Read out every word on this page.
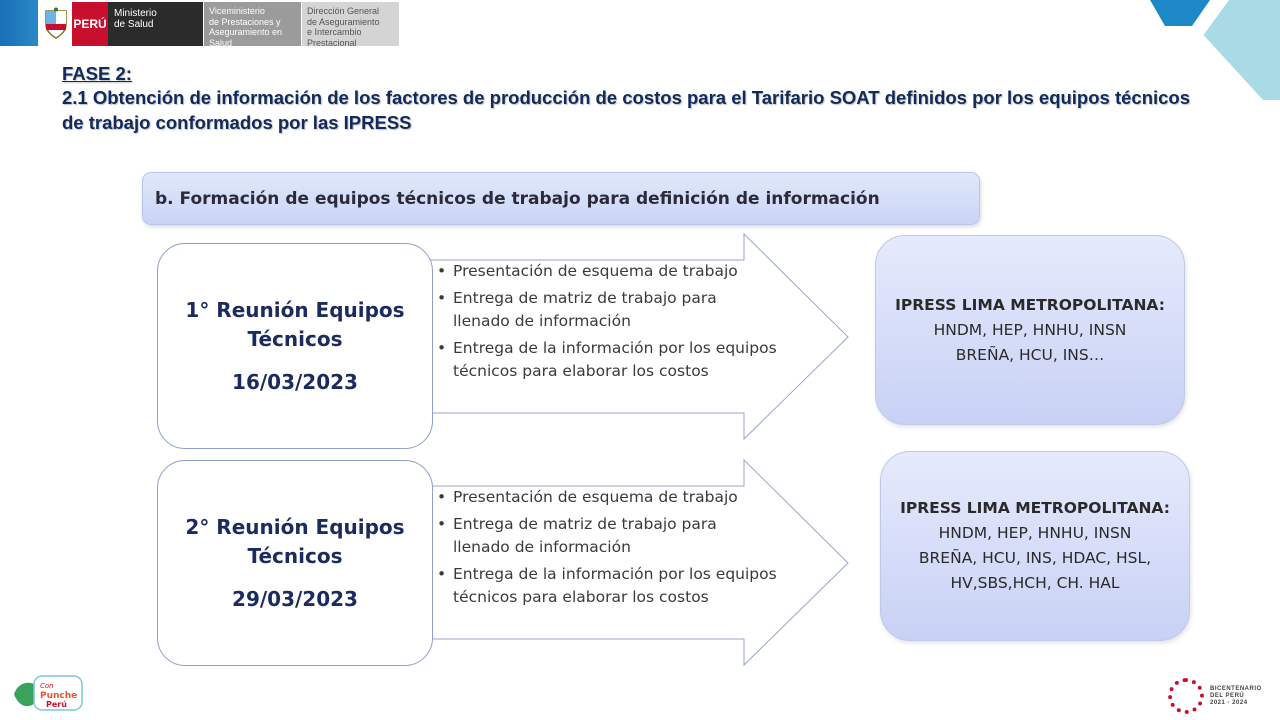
PERÚ
Ministerio
de Salud
Viceministerio
de Prestaciones y
Aseguramiento en Salud
Dirección General
de Aseguramiento
e Intercambio Prestacional
FASE 2:
2.1 Obtención de información de los factores de producción de costos para el Tarifario SOAT definidos por los equipos técnicos de trabajo conformados por las IPRESS
b. Formación de equipos técnicos de trabajo para definición de información
• Presentación de esquema de trabajo
• Entrega de matriz de trabajo para llenado de información
• Entrega de la información por los equipos técnicos para elaborar los costos
1° Reunión Equipos Técnicos
16/03/2023
IPRESS LIMA METROPOLITANA:
HNDM, HEP, HNHU, INSN BREÑA, HCU, INS…
• Presentación de esquema de trabajo
• Entrega de matriz de trabajo para llenado de información
• Entrega de la información por los equipos técnicos para elaborar los costos
2° Reunión Equipos Técnicos
29/03/2023
IPRESS LIMA METROPOLITANA:
HNDM, HEP, HNHU, INSN BREÑA, HCU, INS, HDAC, HSL, HV,SBS,HCH, CH. HAL
Con
Punche
Perú
BICENTENARIO
DEL PERÚ
2021 - 2024
